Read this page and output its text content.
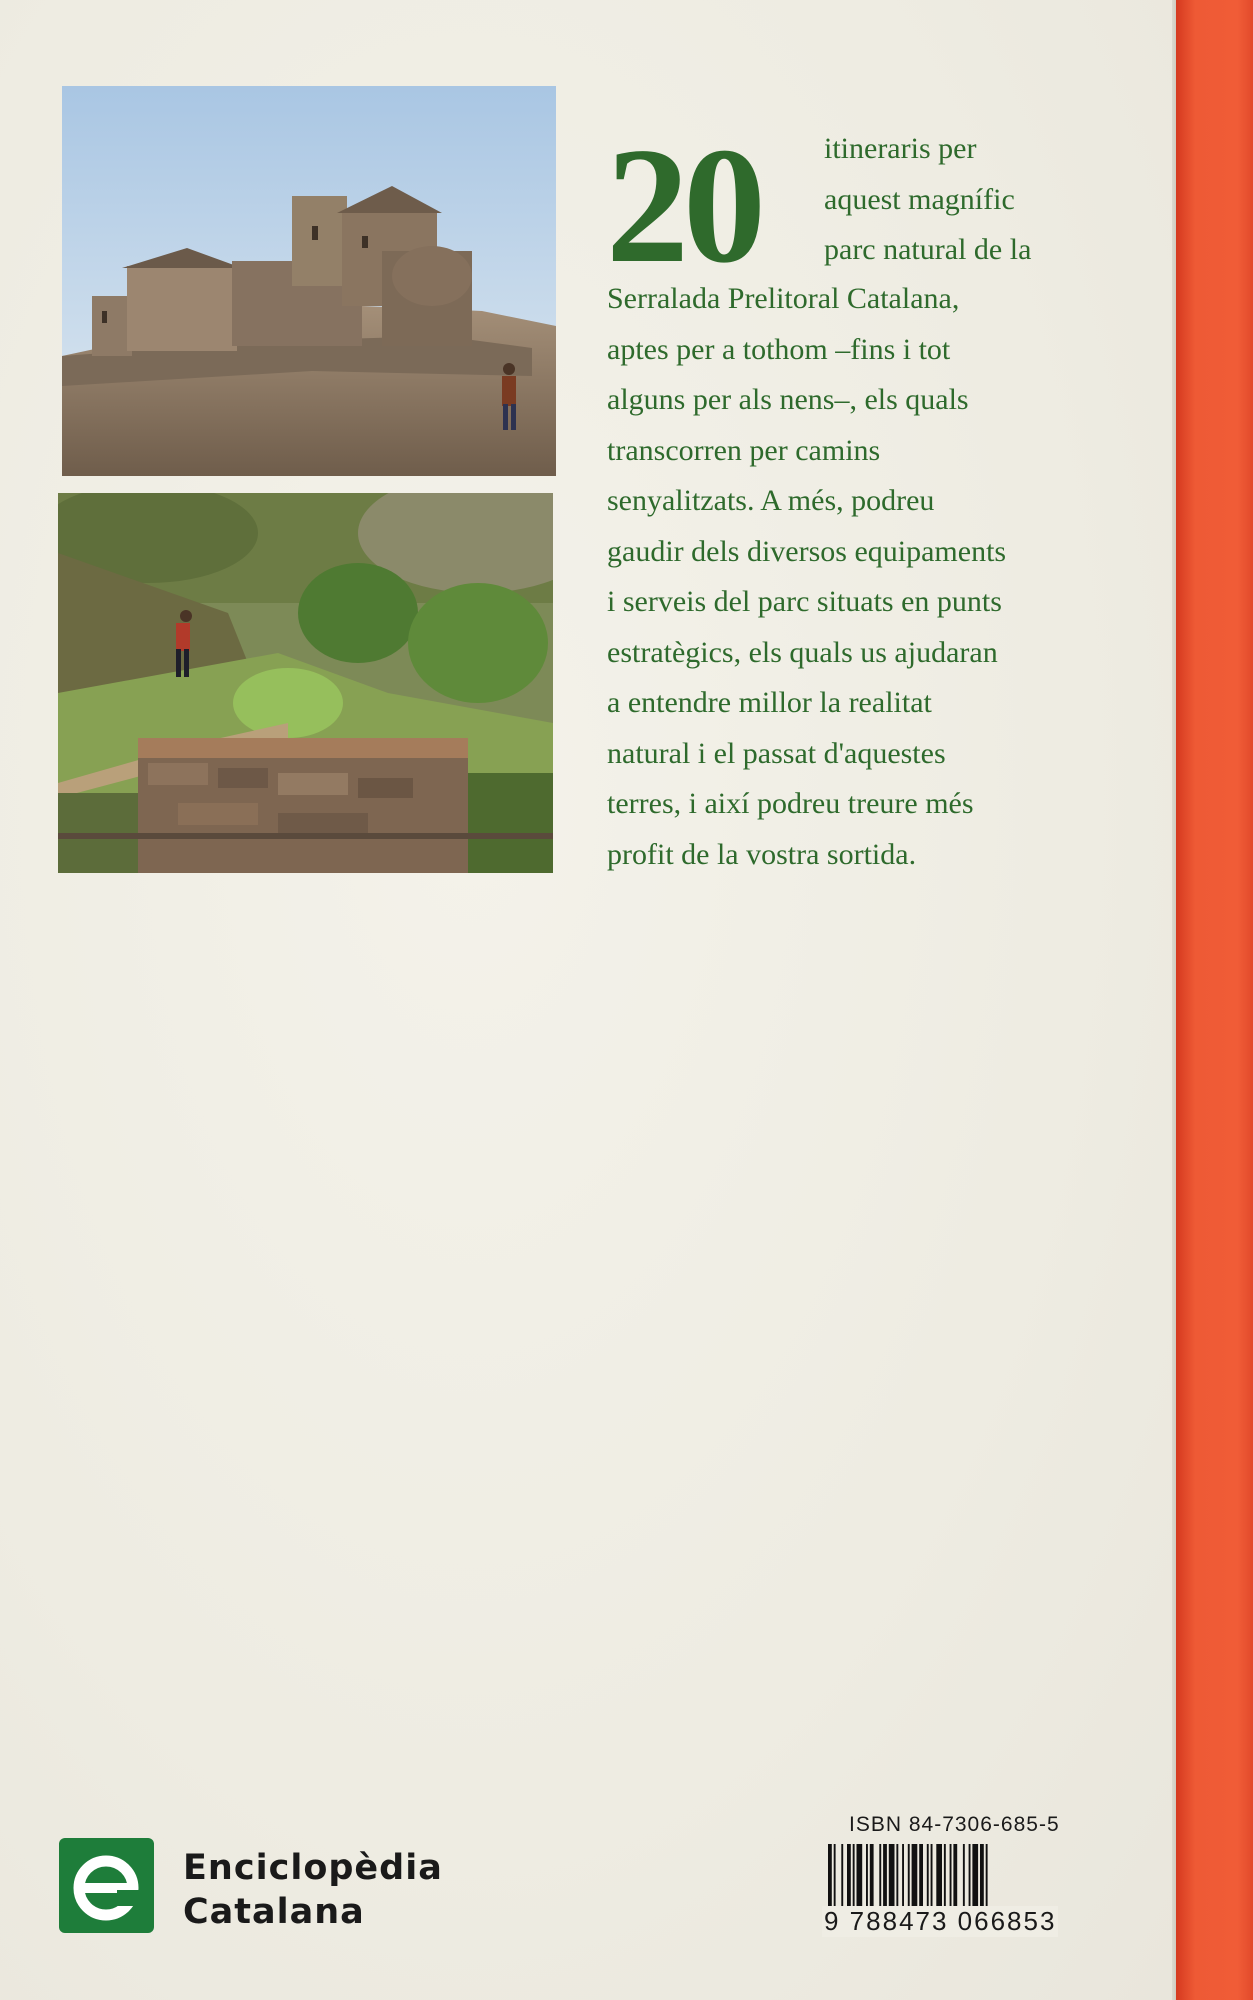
20 itineraris per
aquest magnífic
parc natural de la
Serralada Prelitoral Catalana,
aptes per a tothom –fins i tot
alguns per als nens–, els quals
transcorren per camins
senyalitzats. A més, podreu
gaudir dels diversos equipaments
i serveis del parc situats en punts
estratègics, els quals us ajudaran
a entendre millor la realitat
natural i el passat d'aquestes
terres, i així podreu treure més
profit de la vostra sortida.
Enciclopèdia
Catalana
ISBN 84-7306-685-5
9 788473 066853
